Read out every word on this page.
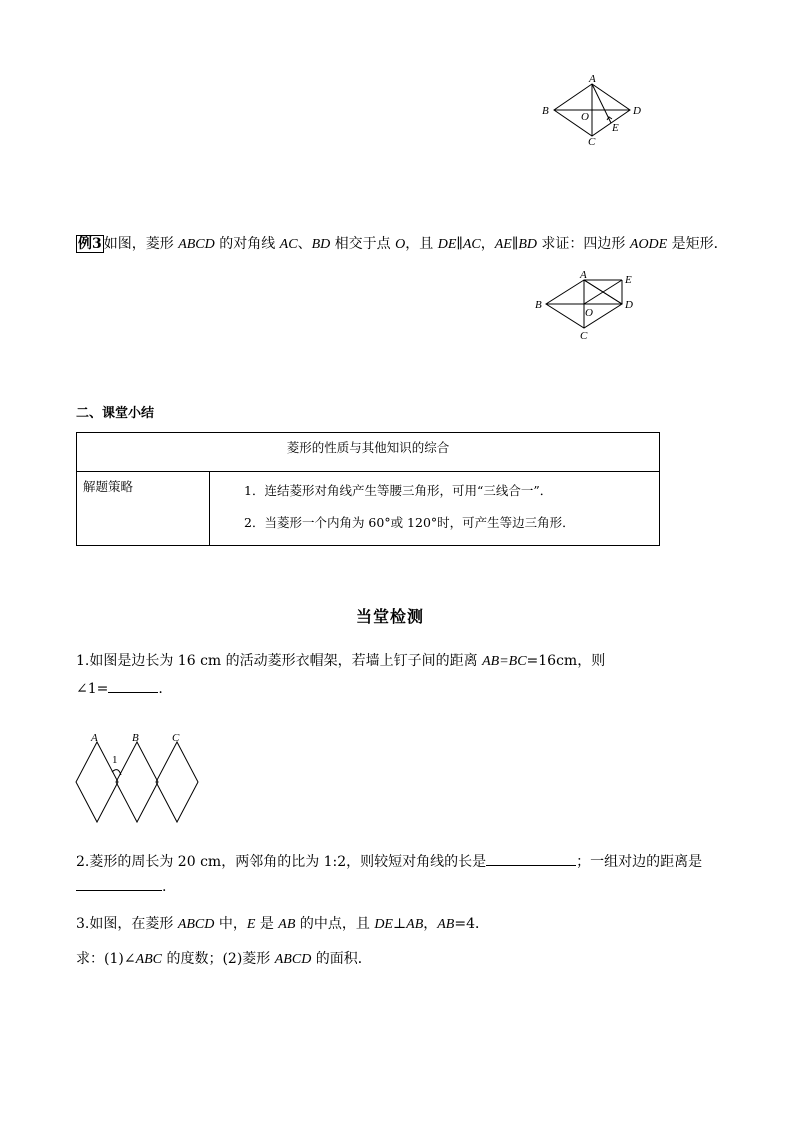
A
B	D
O
E
C
例3 如图，菱形 ABCD 的对角线 AC、BD 相交于点 O，且 DE∥AC，AE∥BD 求证：四边形 AODE 是矩形．
A	E
B	D
O
C
二、课堂小结
菱形的性质与其他知识的综合
解题策略	1．连结菱形对角线产生等腰三角形，可用“三线合一”．
2．当菱形一个内角为 60°或 120°时，可产生等边三角形．
当堂检测
1.如图是边长为 16 cm 的活动菱形衣帽架，若墙上钉子间的距离 AB=BC=16cm，则
∠1=	.
A	B	C
1
2.菱形的周长为 20 cm，两邻角的比为 1:2，则较短对角线的长是	；一组对边的距离是
.
3.如图，在菱形 ABCD 中，E 是 AB 的中点，且 DE⊥AB，AB=4．
求：(1)∠ABC 的度数；(2)菱形 ABCD 的面积．
